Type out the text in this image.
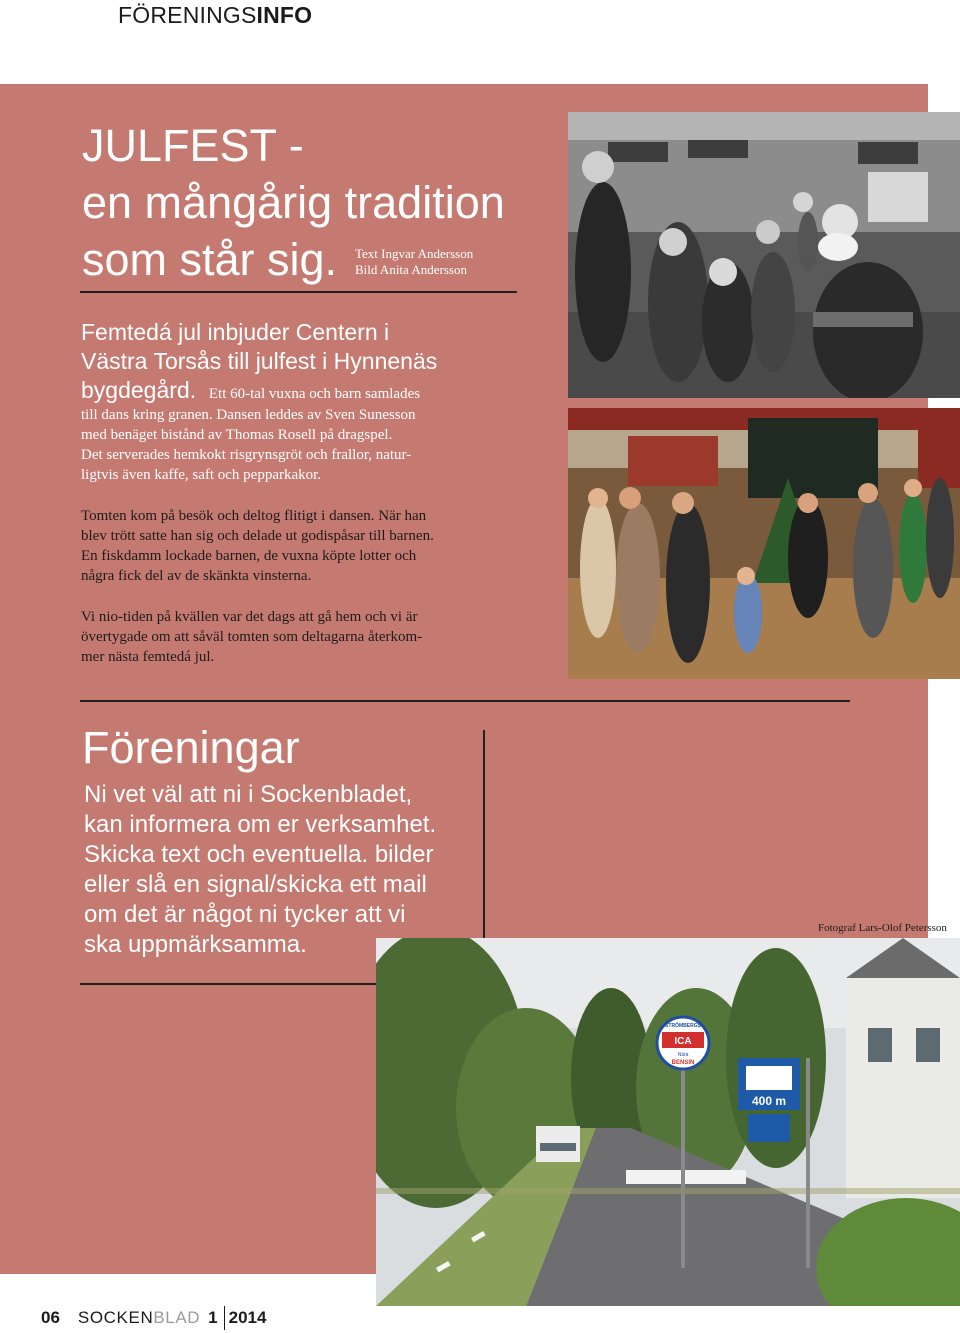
FÖRENINGSINFO
JULFEST -
en mångårig tradition
som står sig.	Text Ingvar Andersson
Bild Anita Andersson
Femtedá jul inbjuder Centern i
Västra Torsås till julfest i Hynnenäs
bygdegård. Ett 60-tal vuxna och barn samlades
till dans kring granen. Dansen leddes av Sven Sunesson
med benäget bistånd av Thomas Rosell på dragspel.
Det serverades hemkokt risgrynsgröt och frallor, natur-
ligtvis även kaffe, saft och pepparkakor.
Tomten kom på besök och deltog flitigt i dansen. När han
blev trött satte han sig och delade ut godispåsar till barnen.
En fiskdamm lockade barnen, de vuxna köpte lotter och
några fick del av de skänkta vinsterna.
Vi nio-tiden på kvällen var det dags att gå hem och vi är
övertygade om att såväl tomten som deltagarna återkom-
mer nästa femtedá jul.
Föreningar
Ni vet väl att ni i Sockenbladet,
kan informera om er verksamhet.
Skicka text och eventuella. bilder
eller slå en signal/skicka ett mail
om det är något ni tycker att vi
ska uppmärksamma.
Fotograf Lars-Olof Petersson
ICA
STRÖMBERGS
Nära
BENSIN
400 m
06 SOCKEN BLAD 1 2014
